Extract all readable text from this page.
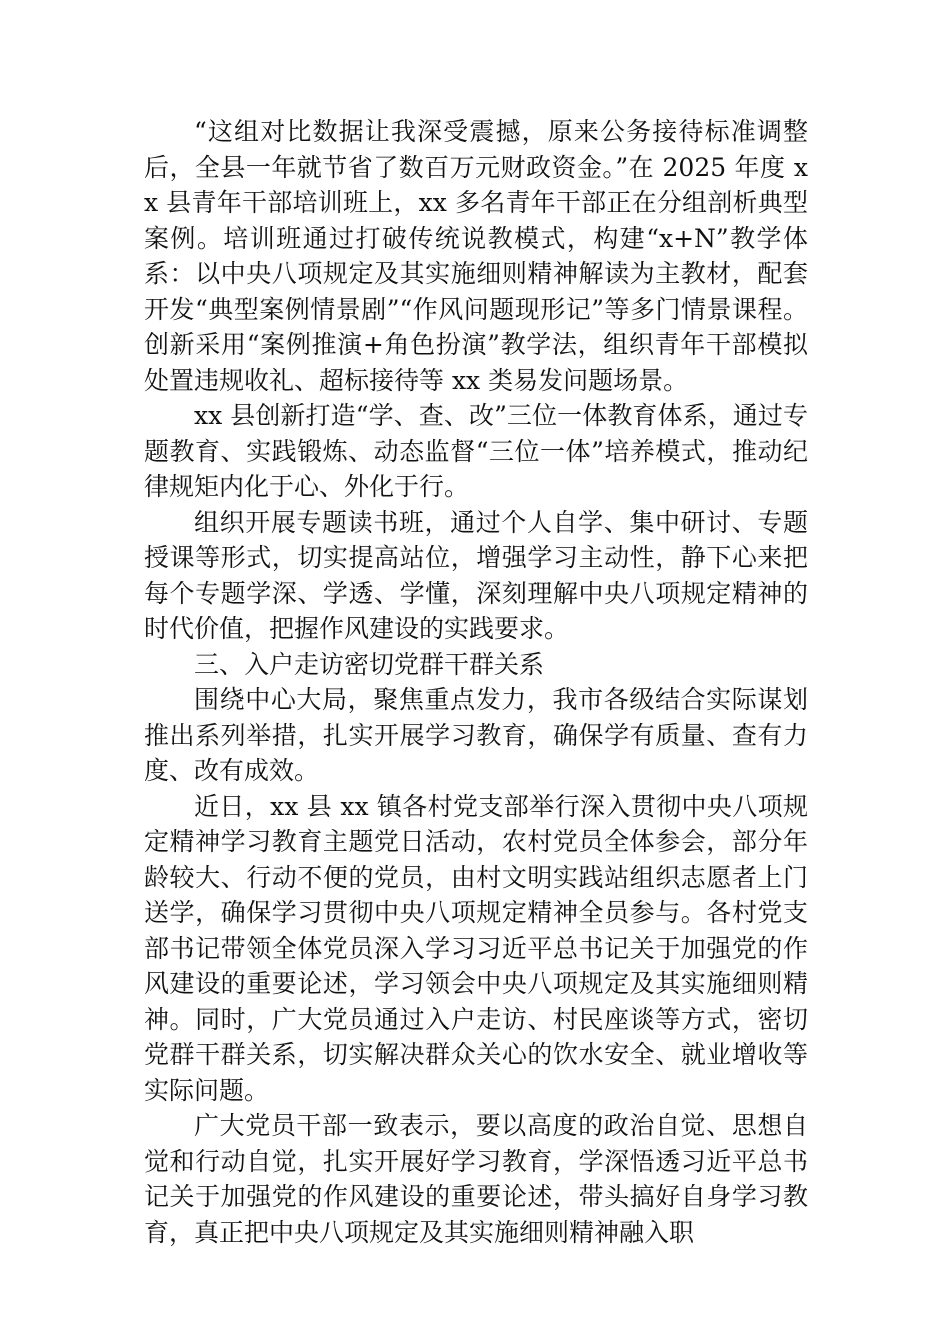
“这组对比数据让我深受震撼，原来公务接待标准调整后，全县一年就节省了数百万元财政资金。”在 2025 年度 xx 县青年干部培训班上，xx 多名青年干部正在分组剖析典型案例。培训班通过打破传统说教模式，构建“x+N”教学体系：以中央八项规定及其实施细则精神解读为主教材，配套开发“典型案例情景剧”“作风问题现形记”等多门情景课程。创新采用“案例推演+角色扮演”教学法，组织青年干部模拟处置违规收礼、超标接待等 xx 类易发问题场景。

xx 县创新打造“学、查、改”三位一体教育体系，通过专题教育、实践锻炼、动态监督“三位一体”培养模式，推动纪律规矩内化于心、外化于行。

组织开展专题读书班，通过个人自学、集中研讨、专题授课等形式，切实提高站位，增强学习主动性，静下心来把每个专题学深、学透、学懂，深刻理解中央八项规定精神的时代价值，把握作风建设的实践要求。

三、入户走访密切党群干群关系

围绕中心大局，聚焦重点发力，我市各级结合实际谋划推出系列举措，扎实开展学习教育，确保学有质量、查有力度、改有成效。

近日，xx 县 xx 镇各村党支部举行深入贯彻中央八项规定精神学习教育主题党日活动，农村党员全体参会，部分年龄较大、行动不便的党员，由村文明实践站组织志愿者上门送学，确保学习贯彻中央八项规定精神全员参与。各村党支部书记带领全体党员深入学习习近平总书记关于加强党的作风建设的重要论述，学习领会中央八项规定及其实施细则精神。同时，广大党员通过入户走访、村民座谈等方式，密切党群干群关系，切实解决群众关心的饮水安全、就业增收等实际问题。

广大党员干部一致表示，要以高度的政治自觉、思想自觉和行动自觉，扎实开展好学习教育，学深悟透习近平总书记关于加强党的作风建设的重要论述，带头搞好自身学习教育，真正把中央八项规定及其实施细则精神融入职
